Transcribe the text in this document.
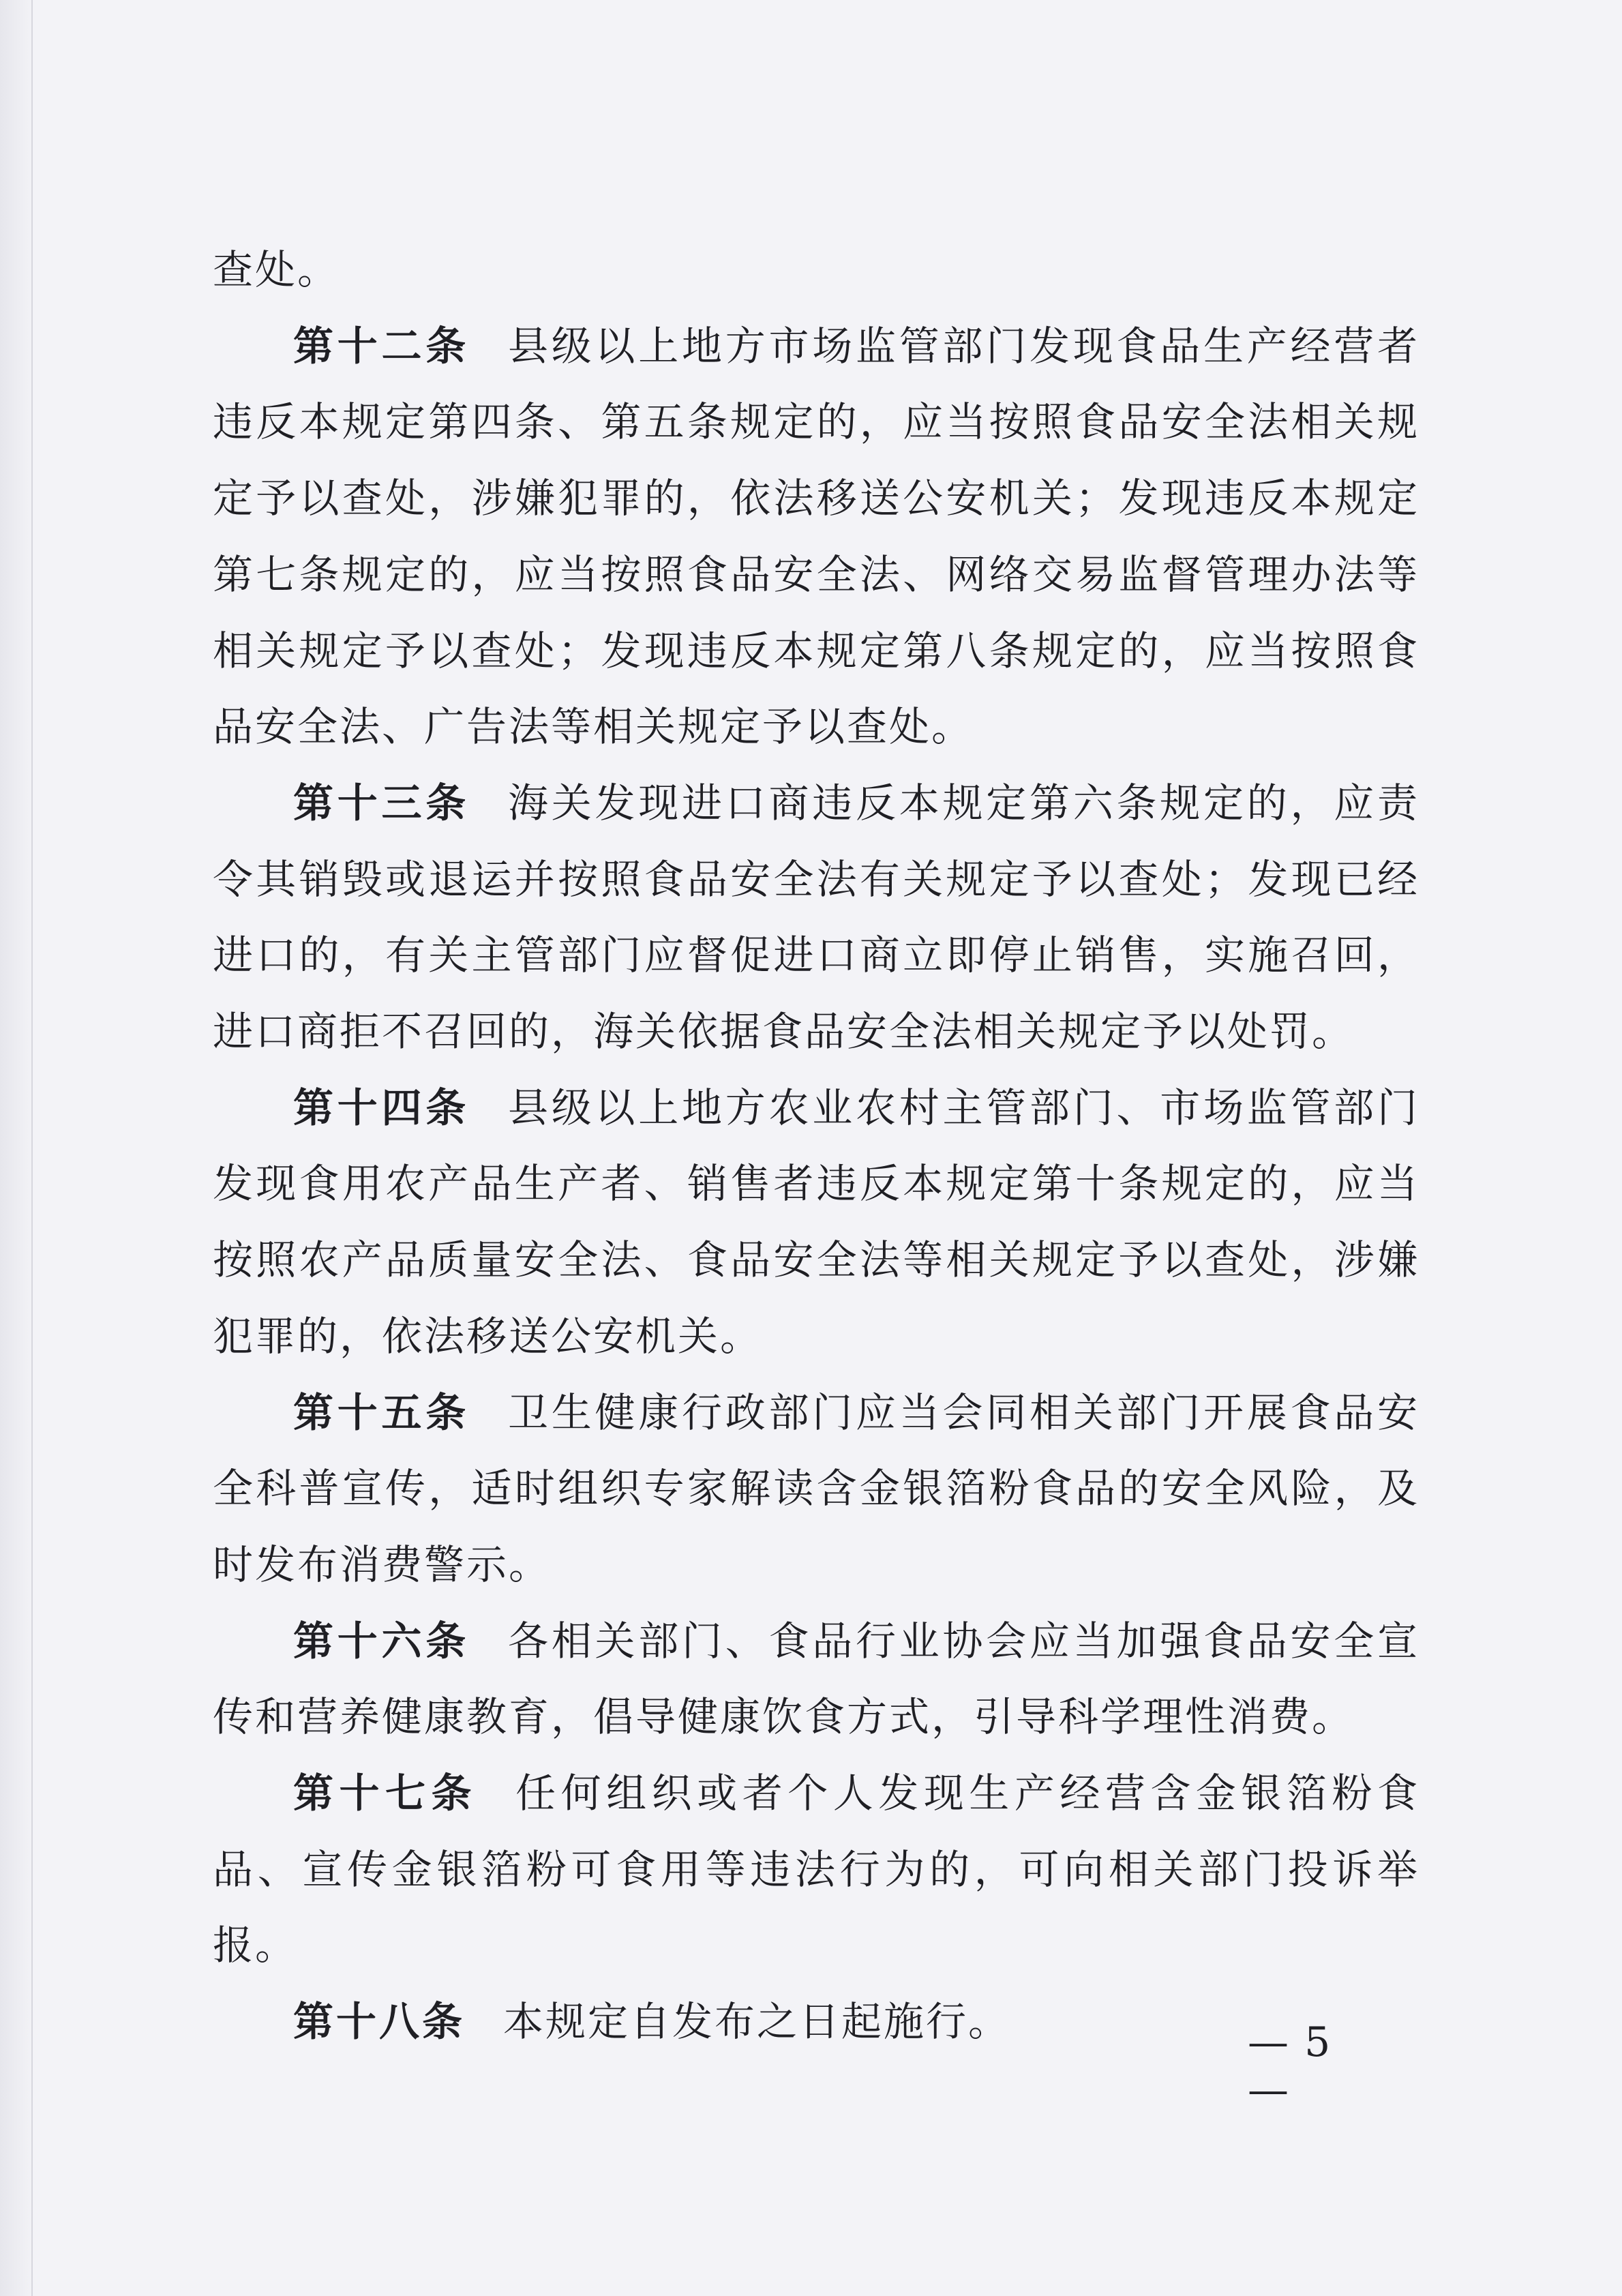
查处。

第十二条 县级以上地方市场监管部门发现食品生产经营者违反本规定第四条、第五条规定的，应当按照食品安全法相关规定予以查处，涉嫌犯罪的，依法移送公安机关；发现违反本规定第七条规定的，应当按照食品安全法、网络交易监督管理办法等相关规定予以查处；发现违反本规定第八条规定的，应当按照食品安全法、广告法等相关规定予以查处。

第十三条 海关发现进口商违反本规定第六条规定的，应责令其销毁或退运并按照食品安全法有关规定予以查处；发现已经进口的，有关主管部门应督促进口商立即停止销售，实施召回，进口商拒不召回的，海关依据食品安全法相关规定予以处罚。

第十四条 县级以上地方农业农村主管部门、市场监管部门发现食用农产品生产者、销售者违反本规定第十条规定的，应当按照农产品质量安全法、食品安全法等相关规定予以查处，涉嫌犯罪的，依法移送公安机关。

第十五条 卫生健康行政部门应当会同相关部门开展食品安全科普宣传，适时组织专家解读含金银箔粉食品的安全风险，及时发布消费警示。

第十六条 各相关部门、食品行业协会应当加强食品安全宣传和营养健康教育，倡导健康饮食方式，引导科学理性消费。

第十七条 任何组织或者个人发现生产经营含金银箔粉食品、宣传金银箔粉可食用等违法行为的，可向相关部门投诉举报。

第十八条 本规定自发布之日起施行。	— 5 —
